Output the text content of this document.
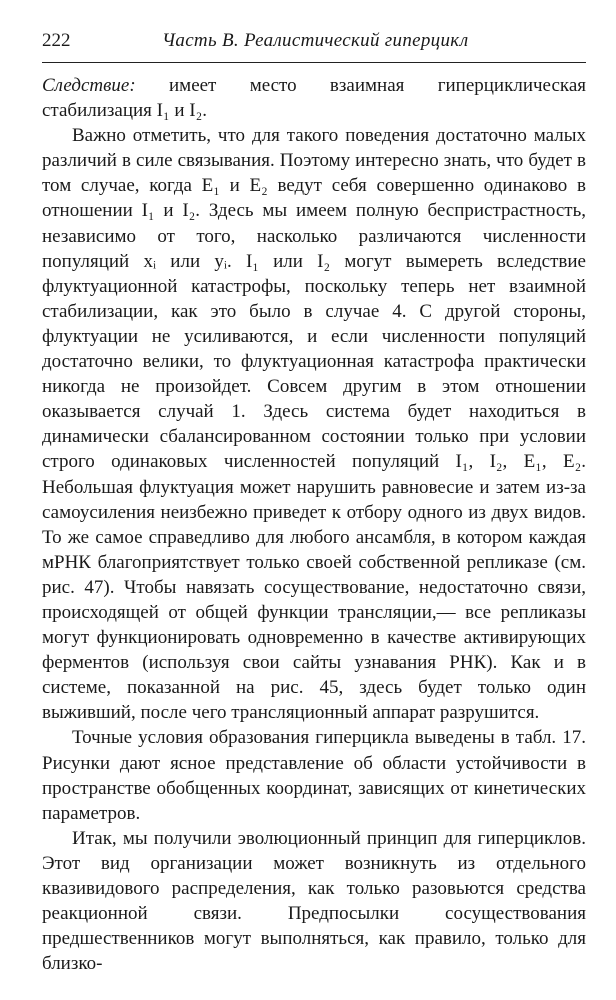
222	Часть В. Реалистический гиперцикл

Следствие: имеет место взаимная гиперциклическая стабилизация I₁ и I₂.

Важно отметить, что для такого поведения достаточно малых различий в силе связывания. Поэтому интересно знать, что будет в том случае, когда E₁ и E₂ ведут себя совершенно одинаково в отношении I₁ и I₂. Здесь мы имеем полную беспристрастность, независимо от того, насколько различаются численности популяций xᵢ или yᵢ. I₁ или I₂ могут вымереть вследствие флуктуационной катастрофы, поскольку теперь нет взаимной стабилизации, как это было в случае 4. С другой стороны, флуктуации не усиливаются, и если численности популяций достаточно велики, то флуктуационная катастрофа практически никогда не произойдет. Совсем другим в этом отношении оказывается случай 1. Здесь система будет находиться в динамически сбалансированном состоянии только при условии строго одинаковых численностей популяций I₁, I₂, E₁, E₂. Небольшая флуктуация может нарушить равновесие и затем из-за самоусиления неизбежно приведет к отбору одного из двух видов. То же самое справедливо для любого ансамбля, в котором каждая мРНК благоприятствует только своей собственной репликазе (см. рис. 47). Чтобы навязать сосуществование, недостаточно связи, происходящей от общей функции трансляции,— все репликазы могут функционировать одновременно в качестве активирующих ферментов (используя свои сайты узнавания РНК). Как и в системе, показанной на рис. 45, здесь будет только один выживший, после чего трансляционный аппарат разрушится.

Точные условия образования гиперцикла выведены в табл. 17. Рисунки дают ясное представление об области устойчивости в пространстве обобщенных координат, зависящих от кинетических параметров.

Итак, мы получили эволюционный принцип для гиперциклов. Этот вид организации может возникнуть из отдельного квазивидового распределения, как только разовьются средства реакционной связи. Предпосылки сосуществования предшественников могут выполняться, как правило, только для близко-
